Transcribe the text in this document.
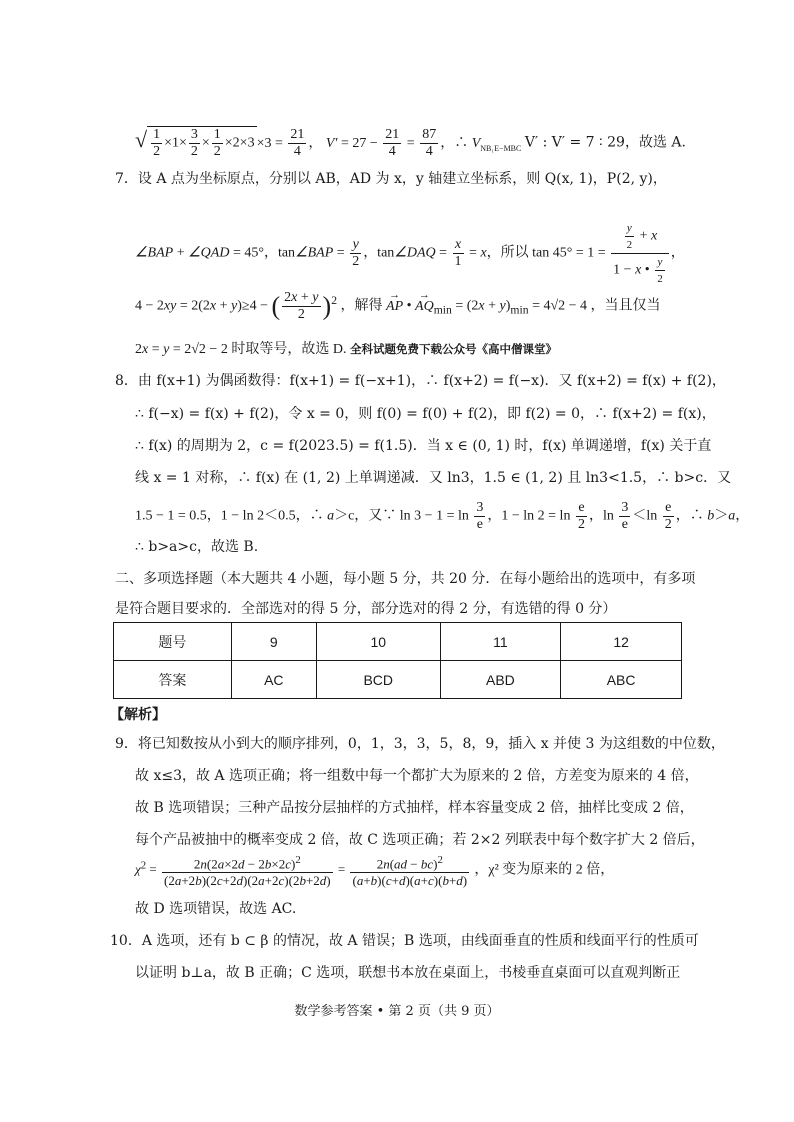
√ $\frac{1}{2} \times 1\times \frac{3}{2} \times \frac{1}{2} \times 2\times 3 \times 3 = \frac{21}{4}$ ， $V' = 27 - \frac{21}{4} = \frac{87}{4}$ ，∴ $V_{NB_1E-MBC}$ V′ : V′ = 7 ∶ 29，故选 A.
7．设 A 点为坐标原点，分别以 AB，AD 为 x，y 轴建立坐标系，则 Q(x, 1)，P(2, y)，
∠BAP + ∠QAD = 45°，tan∠BAP = $\frac{y}{2}$ ，tan∠DAQ = $\frac{x}{1} = x$，所以 $\tan 45^\circ = 1 = \frac{\frac{y}{2} + x}{1 - x • \frac{y}{2}}$ ，
4 − 2xy = 2(2x + y)≥4 − ( $\frac{2x + y}{2} )^2$ ，解得 → AP • → $AQ_{min} = (2x + y)_{min} = 4√2 - 4$ ，当且仅当
2x = y = 2√2 − 2 时取等号，故选 D. 全科试题免费下载公众号《高中僧课堂》
8．由 f(x+1) 为偶函数得：f(x+1) = f(−x+1)，∴ f(x+2) = f(−x)．又 f(x+2) = f(x) + f(2)，
∴ f(−x) = f(x) + f(2)，令 x = 0，则 f(0) = f(0) + f(2)，即 f(2) = 0，∴ f(x+2) = f(x)，
∴ f(x) 的周期为 2，c = f(2023.5) = f(1.5)．当 x ∈ (0, 1) 时，f(x) 单调递增，f(x) 关于直
线 x = 1 对称，∴ f(x) 在 (1, 2) 上单调递减．又 ln3，1.5 ∈ (1, 2) 且 ln3<1.5，∴ b>c．又
1.5 − 1 = 0.5，1 − ln 2＜0.5，∴ a＞c，又∵ $\ln 3 - 1 = \ln \frac{3}{e}$ ，$1 - \ln 2 = \ln \frac{e}{2}$ ，$\ln \frac{3}{e} <\ln \frac{e}{2}$ ，∴ b＞a，
∴ b>a>c，故选 B.
二、多项选择题（本大题共 4 小题，每小题 5 分，共 20 分．在每小题给出的选项中，有多项
是符合题目要求的．全部选对的得 5 分，部分选对的得 2 分，有选错的得 0 分）
题号	9	10	11	12
答案	AC	BCD	ABD	ABC
【解析】
9．将已知数按从小到大的顺序排列，0，1，3，3，5，8，9，插入 x 并使 3 为这组数的中位数，
故 x≤3，故 A 选项正确；将一组数中每一个都扩大为原来的 2 倍，方差变为原来的 4 倍，
故 B 选项错误；三种产品按分层抽样的方式抽样，样本容量变成 2 倍，抽样比变成 2 倍，
每个产品被抽中的概率变成 2 倍，故 C 选项正确；若 2×2 列联表中每个数字扩大 2 倍后，
$\chi^2 = \frac{2n(2a\times 2d - 2b\times 2c)^2}{(2a+2b)(2c+2d)(2a+2c)(2b+2d)} = \frac{2n(ad - bc)^2}{(a+b)(c+d)(a+c)(b+d)}$ ，χ² 变为原来的 2 倍，
故 D 选项错误，故选 AC.
10．A 选项，还有 b ⊂ β 的情况，故 A 错误；B 选项，由线面垂直的性质和线面平行的性质可
以证明 b⊥a，故 B 正确；C 选项，联想书本放在桌面上，书棱垂直桌面可以直观判断正
数学参考答案 • 第 2 页（共 9 页）
